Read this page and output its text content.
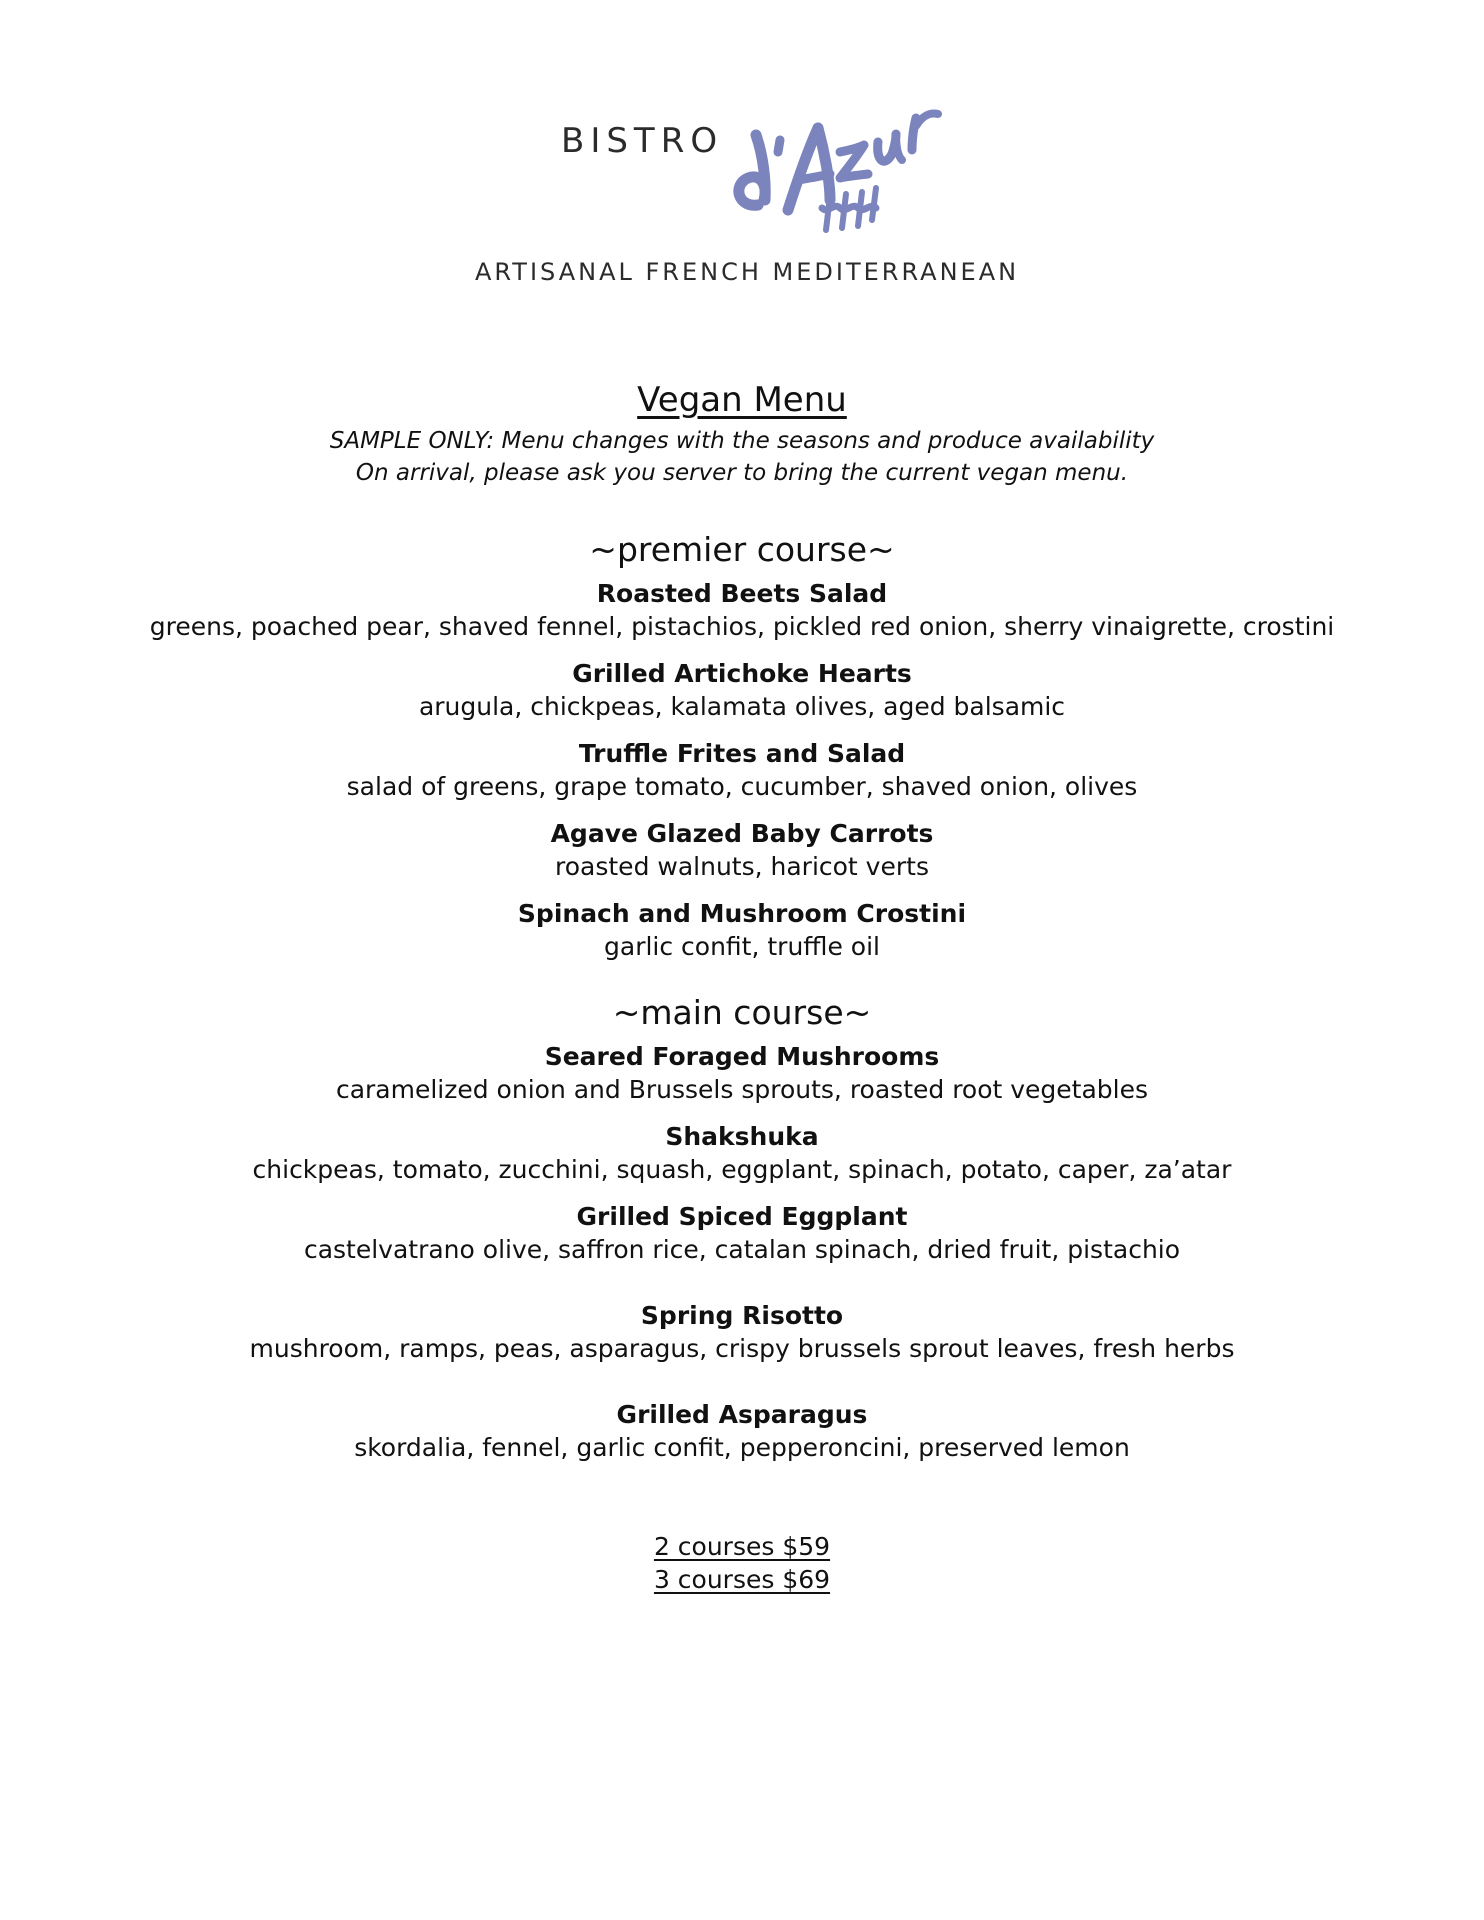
BISTRO
d'Azur
ARTISANAL FRENCH MEDITERRANEAN
Vegan Menu
SAMPLE ONLY: Menu changes with the seasons and produce availability
On arrival, please ask you server to bring the current vegan menu.
~premier course~
Roasted Beets Salad
greens, poached pear, shaved fennel, pistachios, pickled red onion, sherry vinaigrette, crostini
Grilled Artichoke Hearts
arugula, chickpeas, kalamata olives, aged balsamic
Truffle Frites and Salad
salad of greens, grape tomato, cucumber, shaved onion, olives
Agave Glazed Baby Carrots
roasted walnuts, haricot verts
Spinach and Mushroom Crostini
garlic confit, truffle oil
~main course~
Seared Foraged Mushrooms
caramelized onion and Brussels sprouts, roasted root vegetables
Shakshuka
chickpeas, tomato, zucchini, squash, eggplant, spinach, potato, caper, za’atar
Grilled Spiced Eggplant
castelvatrano olive, saffron rice, catalan spinach, dried fruit, pistachio
Spring Risotto
mushroom, ramps, peas, asparagus, crispy brussels sprout leaves, fresh herbs
Grilled Asparagus
skordalia, fennel, garlic confit, pepperoncini, preserved lemon
2 courses $59
3 courses $69
